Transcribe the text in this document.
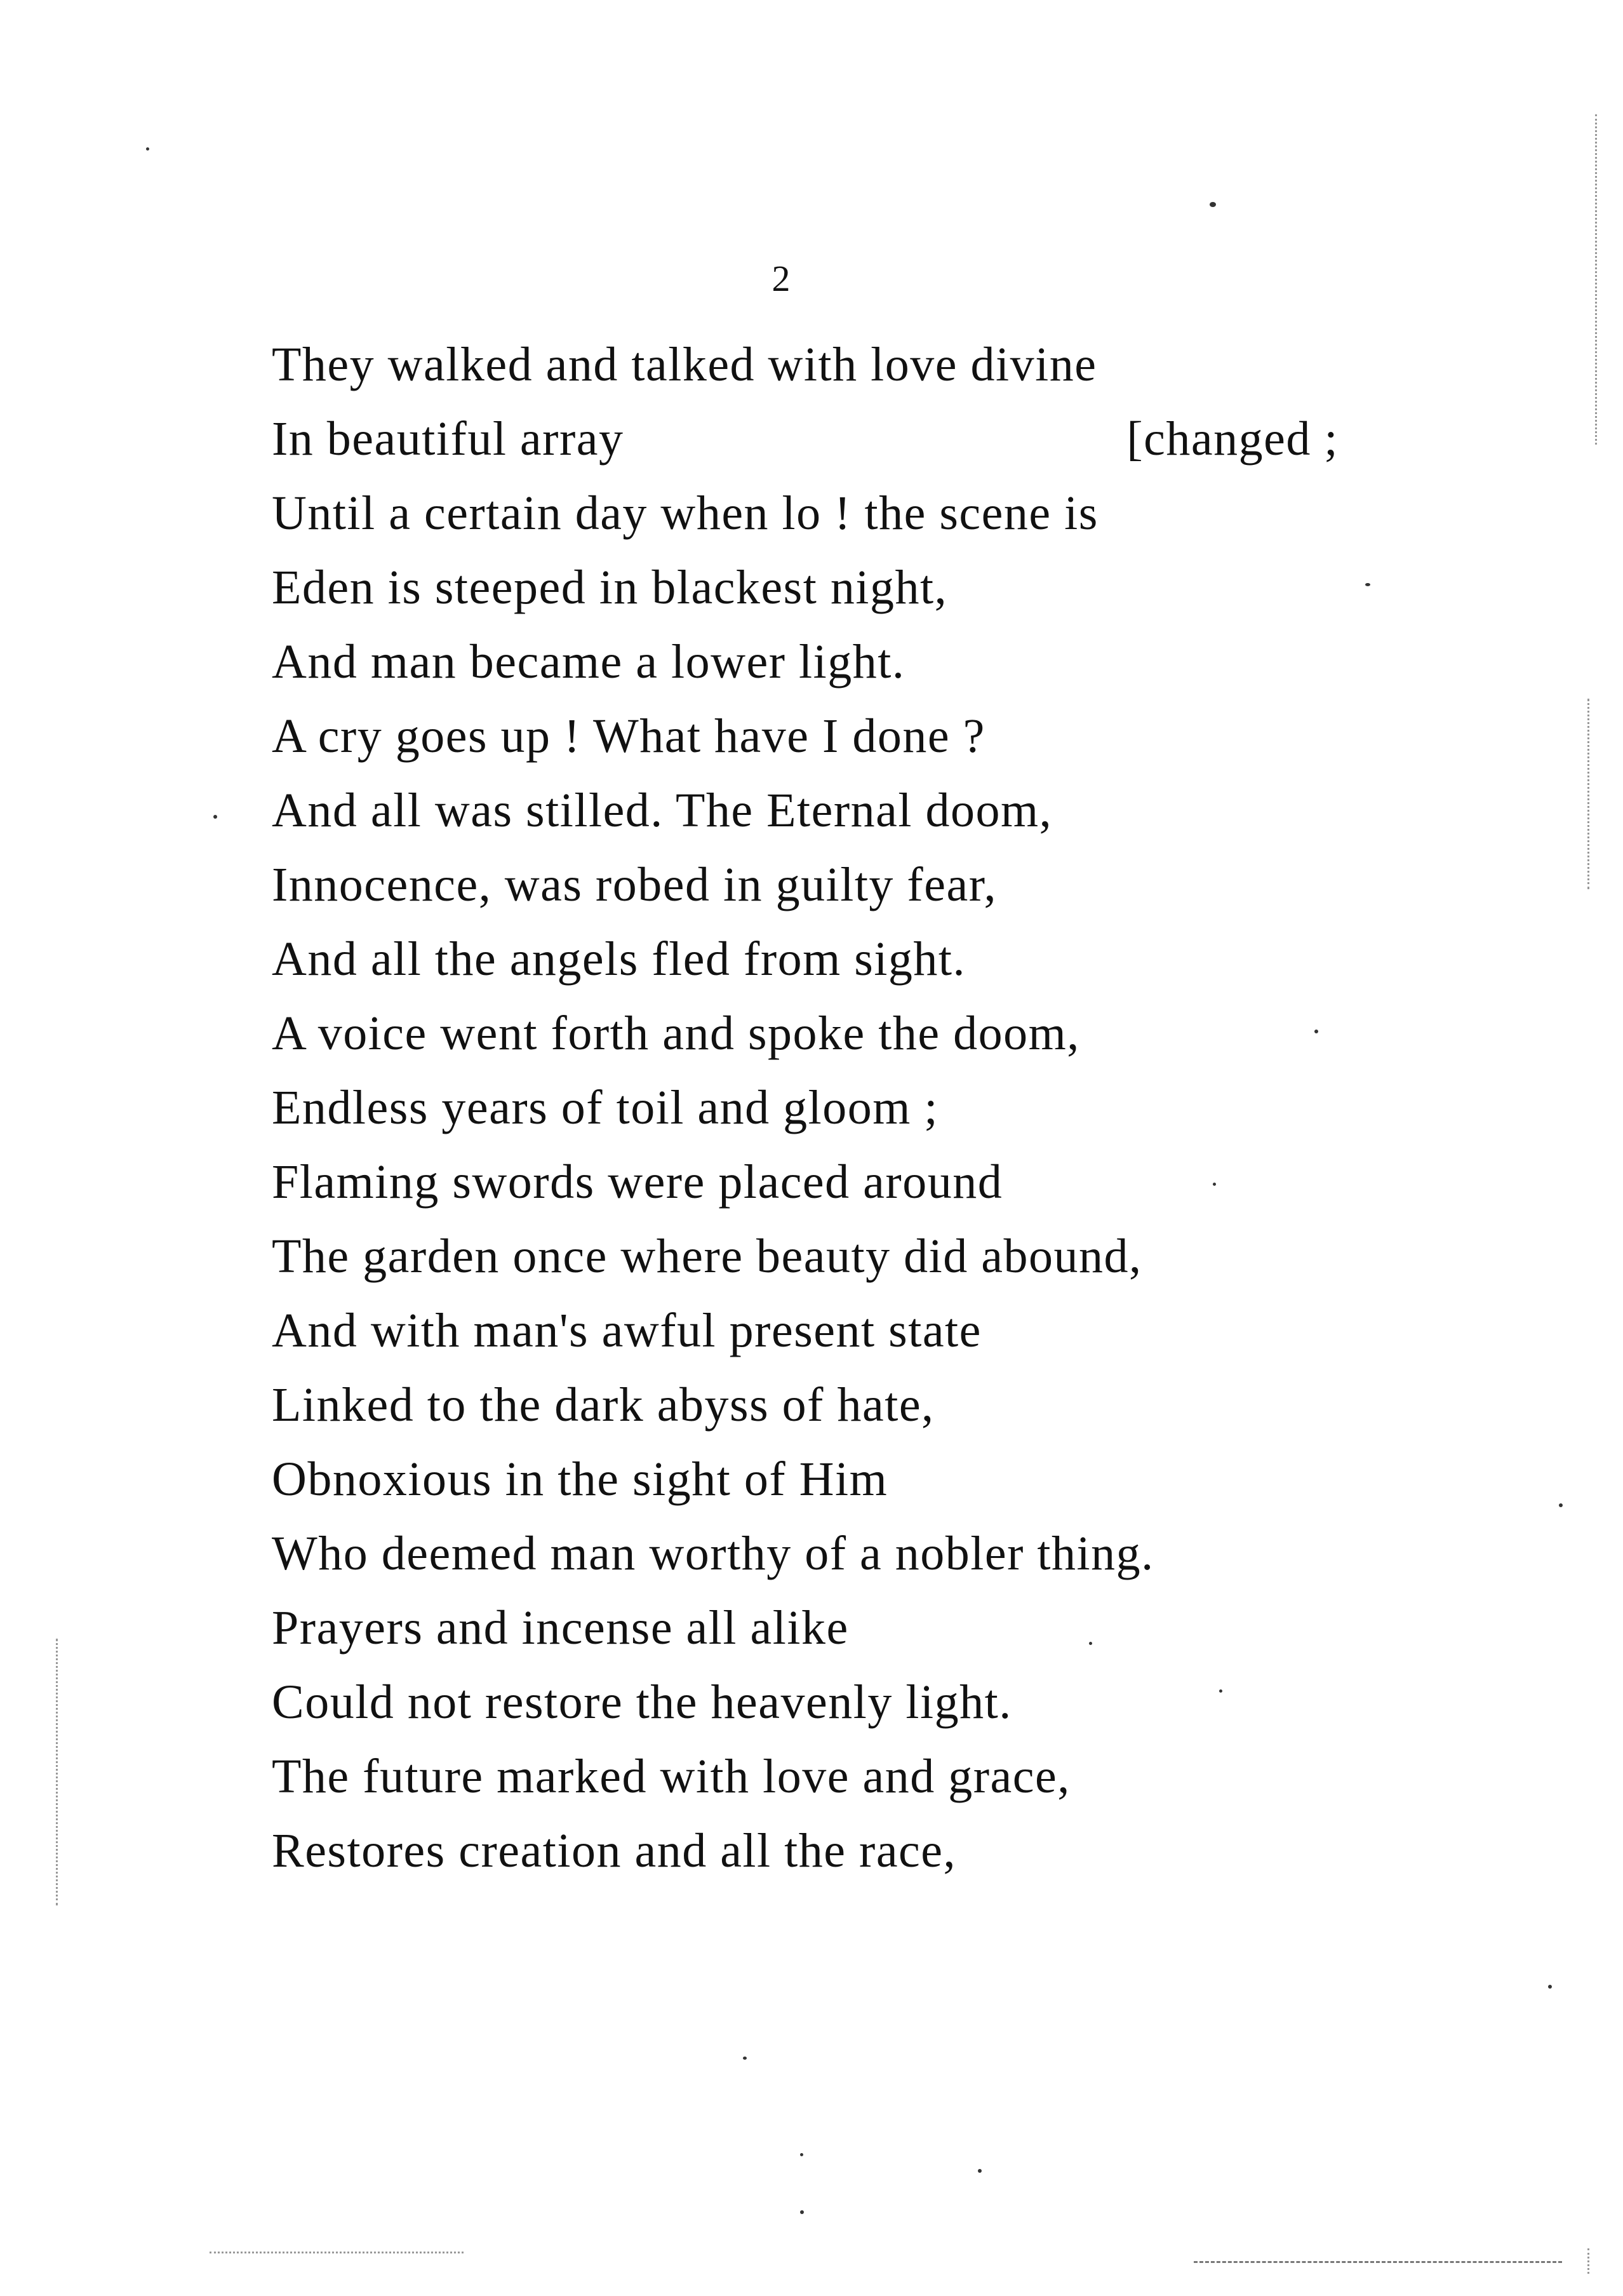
2
They walked and talked with love divine
In beautiful array	[changed ;
Until a certain day when lo ! the scene is
Eden is steeped in blackest night,
And man became a lower light.
A cry goes up ! What have I done ?
And all was stilled. The Eternal doom,
Innocence, was robed in guilty fear,
And all the angels fled from sight.
A voice went forth and spoke the doom,
Endless years of toil and gloom ;
Flaming swords were placed around
The garden once where beauty did abound,
And with man's awful present state
Linked to the dark abyss of hate,
Obnoxious in the sight of Him
Who deemed man worthy of a nobler thing.
Prayers and incense all alike
Could not restore the heavenly light.
The future marked with love and grace,
Restores creation and all the race,
